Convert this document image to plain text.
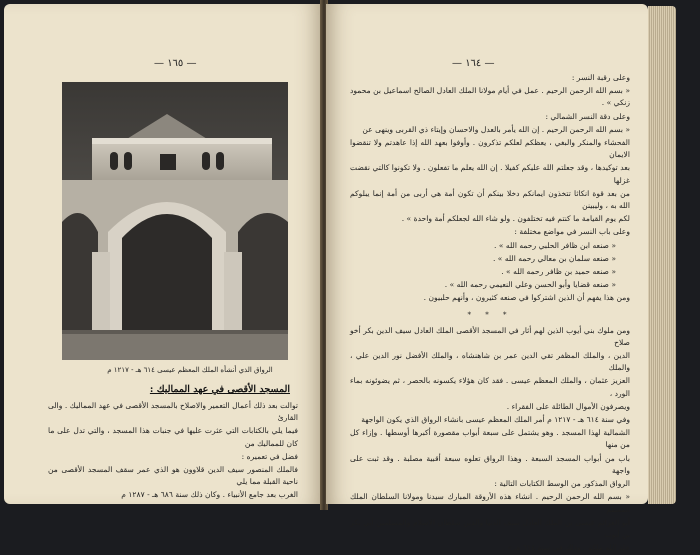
— ١٦٥ —
الرواق الذي أنشأه الملك المعظم عيسى ٦١٤ هـ - ١٢١٧ م
المسجد الأقصى في عهد المماليك :

توالت بعد ذلك أعمال التعمير والاصلاح بالمسجد الأقصى في عهد المماليك . والى القارئ

فيما يلي بالكتابات التي عثرت عليها في جنبات هذا المسجد ، والتي تدل على ما كان للمماليك من

فضل في تعميره :

فالملك المنصور سيف الدين قلاوون هو الذي عمر سقف المسجد الأقصى من ناحية القبلة مما يلي

الغرب بعد جامع الأنبياء . وكان ذلك سنة ٦٨٦ هـ - ١٢٨٧ م

— ١٦٤ —

وعلى رقبة النسر :

« بسم الله الرحمن الرحيم . عمل في أيام مولانا الملك العادل الصالح اسماعيل بن محمود زنكي » .

وعلى دقة النسر الشمالي :

« بسم الله الرحمن الرحيم . إن الله يأمر بالعدل والاحسان وإيتاء ذي القربى وينهى عن

الفحشاء والمنكر والبغي ، يعظكم لعلكم تذكرون . وأوفوا بعهد الله إذا عاهدتم ولا تنقضوا الايمان

بعد توكيدها ، وقد جعلتم الله عليكم كفيلا . إن الله يعلم ما تفعلون . ولا تكونوا كالتي نقضت غزلها

من بعد قوة انكاثا تتخذون ايمانكم دخلا بينكم أن تكون أمة هي أربى من أمة إنما يبلوكم الله به ، وليبينن

لكم يوم القيامة ما كنتم فيه تختلفون . ولو شاء الله لجعلكم أمة واحدة » .

وعلى باب النسر في مواضع مختلفة :

« صنعه ابن ظافر الحلبي رحمه الله » .

« صنعه سلمان بن معالي رحمه الله » .

« صنعه حميد بن ظافر رحمه الله » .

« صنعه قضايا وأبو الحسن وعلي النعيمي رحمه الله » .

ومن هذا يفهم أن الذين اشتركوا في صنعه كثيرون ، وأنهم حلبيون .

* * *

ومن ملوك بني أيوب الذين لهم أثار في المسجد الأقصى الملك العادل سيف الدين بكر أخو صلاح

الدين ، والملك المظفر تقي الدين عمر بن شاهنشاه ، والملك الأفضل نور الدين علي ، والملك

العزيز عثمان ، والملك المعظم عيسى . فقد كان هؤلاء يكسونه بالحصر ، ثم يضوئونه بماء الورد ،

ويصرفون الأموال الطائلة على الفقراء .

وفي سنة ٦١٤ هـ - ١٢١٧ م أمر الملك المعظم عيسى بانشاء الرواق الذي يكون الواجهة

الشمالية لهذا المسجد . وهو يشتمل على سبعة أبواب مقصورة أكبرها أوسطها . وإزاء كل من منها

باب من أبواب المسجد السبعة . وهذا الرواق تعلوه سبعة أقبية مصلبة . وقد ثبت على واجهة

الرواق المذكور من الوسط الكتابات التالية :

« بسم الله الرحمن الرحيم . انشاء هذه الأروقة المبارك سيدنا ومولانا السلطان الملك المعظم

أبو العزائم عيسى بن الملك العادل سيف الدنيا والدين سلطان الاسلام والمسلمين أبي بكر بن أيوب

خلد الله ملكه . وذلك في سنة ٦١٤ هـ » .
